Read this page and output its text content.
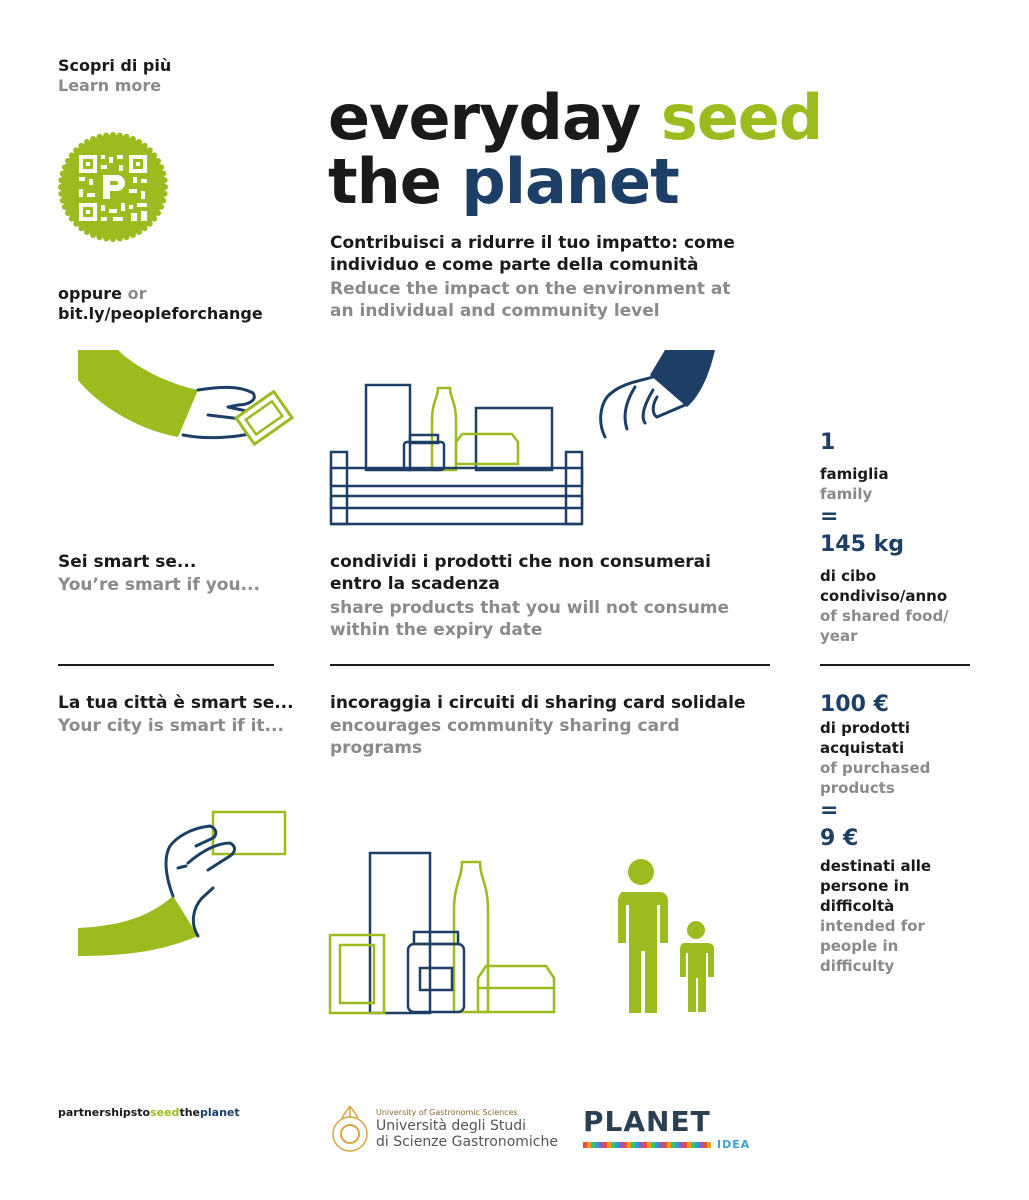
Scopri di più
Learn more
oppure or
bit.ly/peopleforchange
everyday seed
the planet
Contribuisci a ridurre il tuo impatto: come individuo e come parte della comunità
Reduce the impact on the environment at an individual and community level
1
famiglia
family
=
145 kg
di cibo condiviso/anno
of shared food/ year
Sei smart se...
You’re smart if you...
condividi i prodotti che non consumerai entro la scadenza
share products that you will not consume within the expiry date
La tua città è smart se...
Your city is smart if it...
incoraggia i circuiti di sharing card solidale
encourages community sharing card programs
100 €
di prodotti acquistati
of purchased products
=
9 €
destinati alle persone in difficoltà
intended for people in difficulty
partnershipstoseedtheplanet	University of Gastronomic Sciences
Università degli Studi
di Scienze Gastronomiche
PLANET
IDEA
